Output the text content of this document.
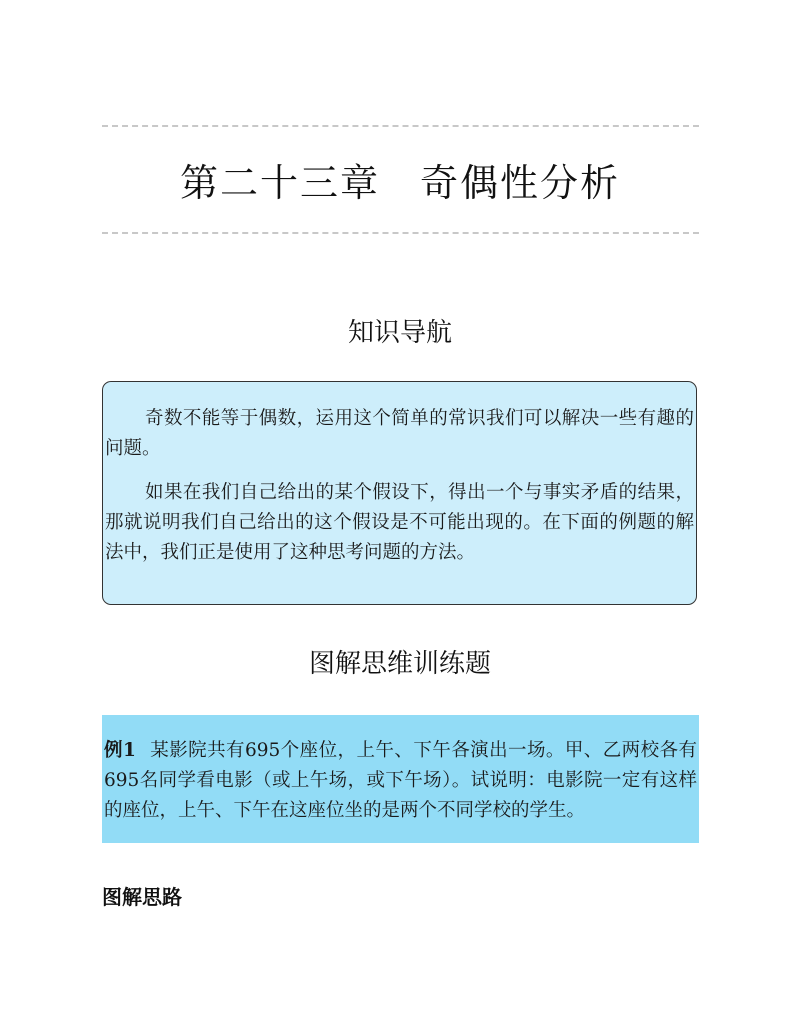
第二十三章　奇偶性分析
知识导航

奇数不能等于偶数，运用这个简单的常识我们可以解决一些有趣的问题。

如果在我们自己给出的某个假设下，得出一个与事实矛盾的结果，那就说明我们自己给出的这个假设是不可能出现的。在下面的例题的解法中，我们正是使用了这种思考问题的方法。

图解思维训练题

例1 某影院共有695个座位，上午、下午各演出一场。甲、乙两校各有695名同学看电影（或上午场，或下午场）。试说明：电影院一定有这样的座位，上午、下午在这座位坐的是两个不同学校的学生。

图解思路
